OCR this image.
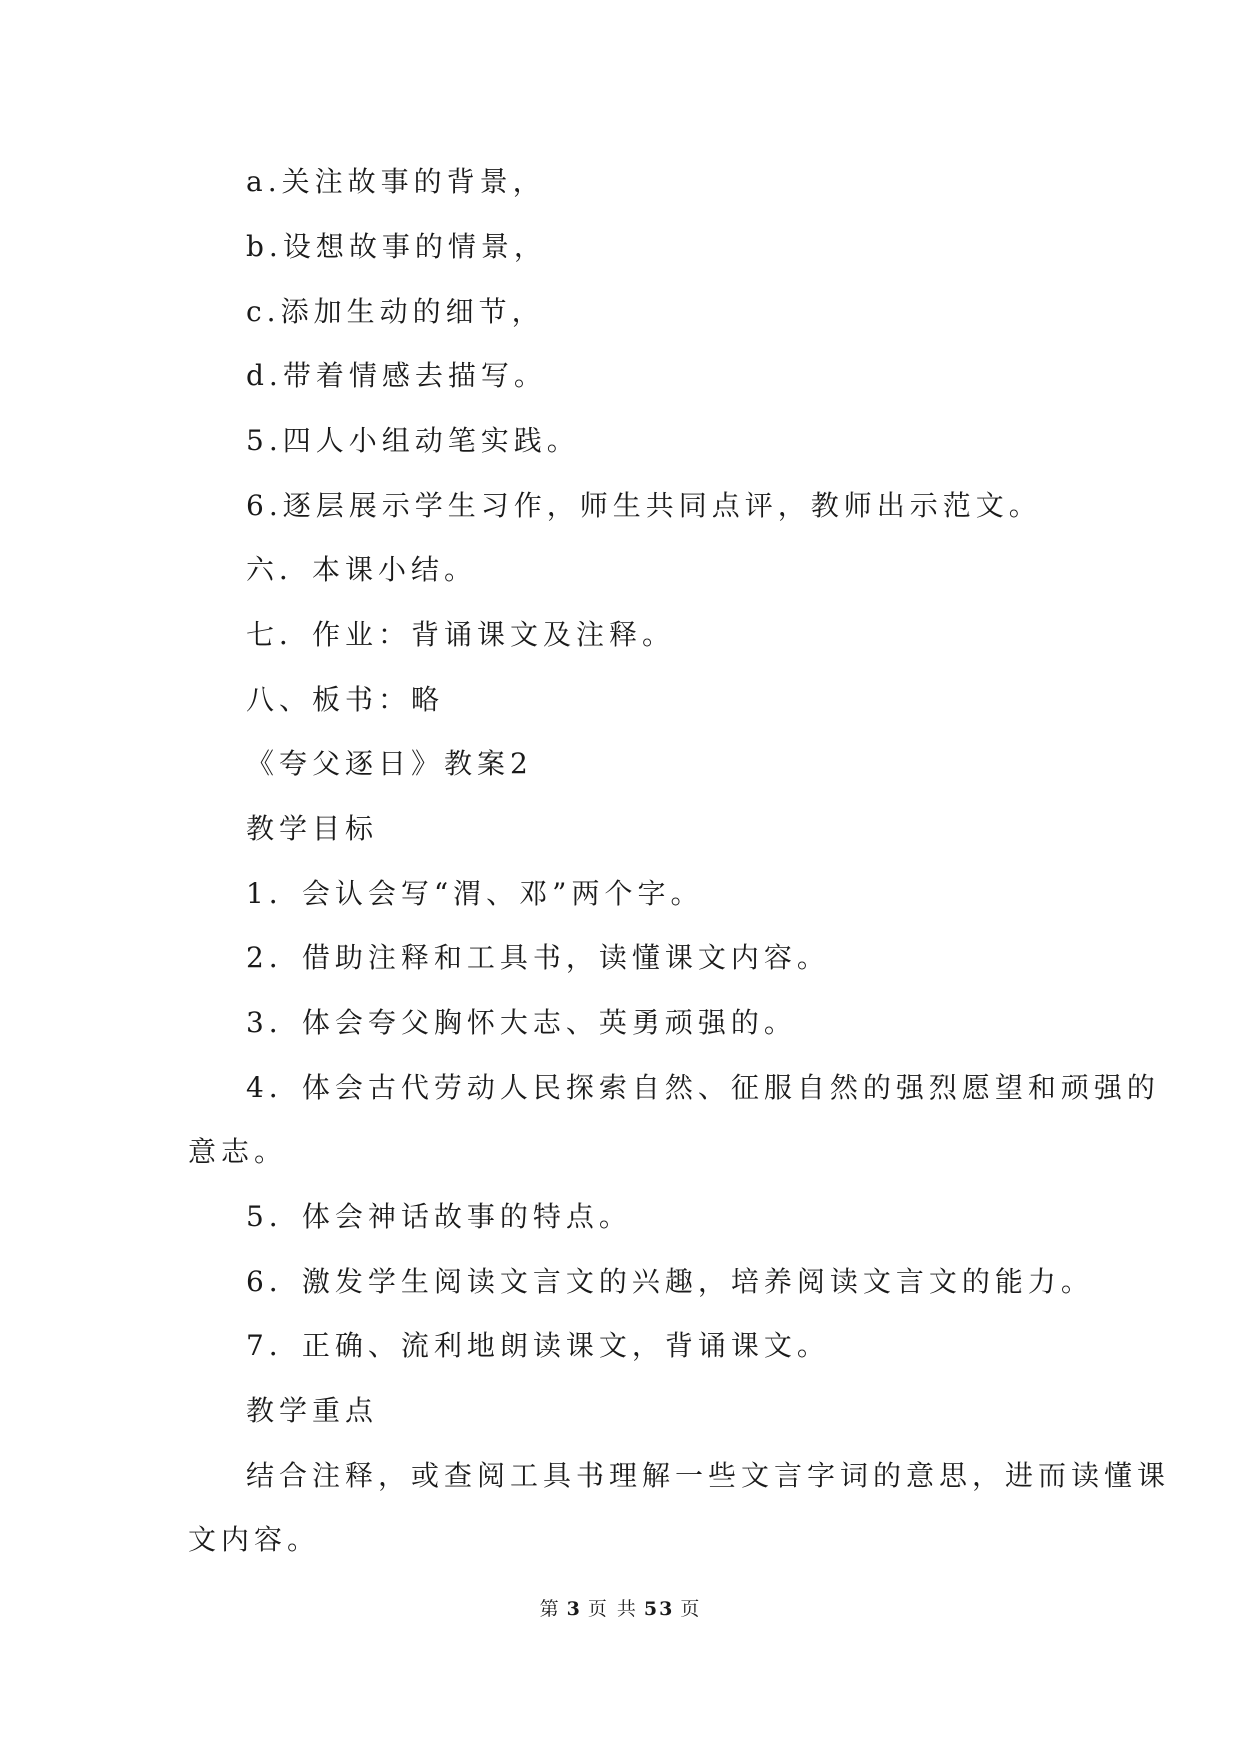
a.关注故事的背景，
b.设想故事的情景，
c.添加生动的细节，
d.带着情感去描写。
5.四人小组动笔实践。
6.逐层展示学生习作，师生共同点评，教师出示范文。
六．本课小结。
七．作业：背诵课文及注释。
八、板书：略
《夸父逐日》教案2
教学目标
1．会认会写“渭、邓”两个字。
2．借助注释和工具书，读懂课文内容。
3．体会夸父胸怀大志、英勇顽强的。
4．体会古代劳动人民探索自然、征服自然的强烈愿望和顽强的
意志。
5．体会神话故事的特点。
6．激发学生阅读文言文的兴趣，培养阅读文言文的能力。
7．正确、流利地朗读课文，背诵课文。
教学重点
结合注释，或查阅工具书理解一些文言字词的意思，进而读懂课
文内容。
第 3 页 共 53 页
